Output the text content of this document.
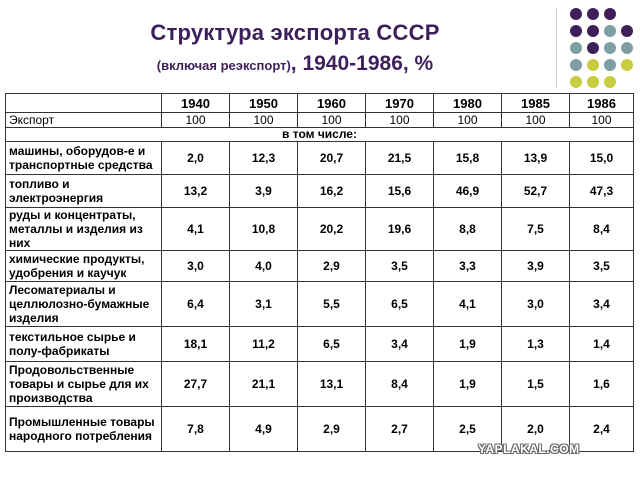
Структура экспорта СССР
(включая реэкспорт), 1940-1986, %
	1940	1950	1960	1970	1980	1985	1986
Экспорт	100	100	100	100	100	100	100
в том числе:							
машины, оборудов-е и транспортные средства	2,0	12,3	20,7	21,5	15,8	13,9	15,0
топливо и электроэнергия	13,2	3,9	16,2	15,6	46,9	52,7	47,3
руды и концентраты, металлы и изделия из них	4,1	10,8	20,2	19,6	8,8	7,5	8,4
химические продукты, удобрения и каучук	3,0	4,0	2,9	3,5	3,3	3,9	3,5
Лесоматериалы и целлюлозно-бумажные изделия	6,4	3,1	5,5	6,5	4,1	3,0	3,4
текстильное сырье и полу-фабрикаты	18,1	11,2	6,5	3,4	1,9	1,3	1,4
Продовольственные товары и сырье для их производства	27,7	21,1	13,1	8,4	1,9	1,5	1,6
Промышленные товары народного потребления	7,8	4,9	2,9	2,7	2,5	2,0	2,4
YAPLAKAL.COM
